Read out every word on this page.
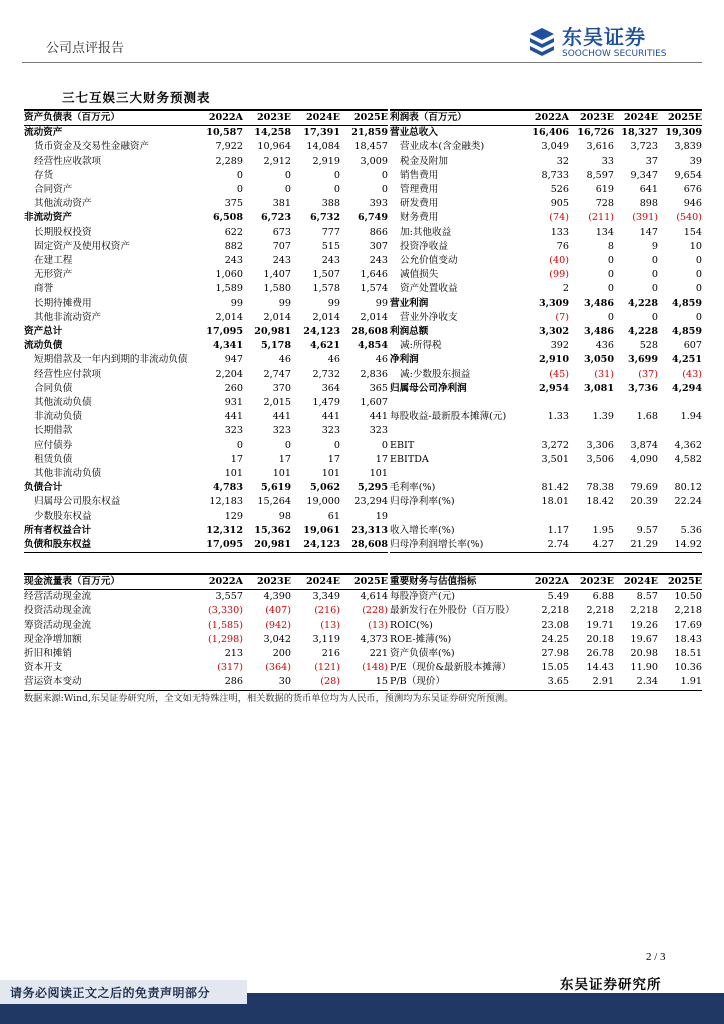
公司点评报告	东吴证券
SOOCHOW SECURITIES
三七互娱三大财务预测表
资产负债表（百万元）	2022A	2023E	2024E	2025E
流动资产	10,587	14,258	17,391	21,859
货币资金及交易性金融资产	7,922	10,964	14,084	18,457
经营性应收款项	2,289	2,912	2,919	3,009
存货	0	0	0	0
合同资产	0	0	0	0
其他流动资产	375	381	388	393
非流动资产	6,508	6,723	6,732	6,749
长期股权投资	622	673	777	866
固定资产及使用权资产	882	707	515	307
在建工程	243	243	243	243
无形资产	1,060	1,407	1,507	1,646
商誉	1,589	1,580	1,578	1,574
长期待摊费用	99	99	99	99
其他非流动资产	2,014	2,014	2,014	2,014
资产总计	17,095	20,981	24,123	28,608
流动负债	4,341	5,178	4,621	4,854
短期借款及一年内到期的非流动负债	947	46	46	46
经营性应付款项	2,204	2,747	2,732	2,836
合同负债	260	370	364	365
其他流动负债	931	2,015	1,479	1,607
非流动负债	441	441	441	441
长期借款	323	323	323	323
应付债券	0	0	0	0
租赁负债	17	17	17	17
其他非流动负债	101	101	101	101
负债合计	4,783	5,619	5,062	5,295
归属母公司股东权益	12,183	15,264	19,000	23,294
少数股东权益	129	98	61	19
所有者权益合计	12,312	15,362	19,061	23,313
负债和股东权益	17,095	20,981	24,123	28,608
利润表（百万元）	2022A	2023E	2024E	2025E
营业总收入	16,406	16,726	18,327	19,309
营业成本(含金融类)	3,049	3,616	3,723	3,839
税金及附加	32	33	37	39
销售费用	8,733	8,597	9,347	9,654
管理费用	526	619	641	676
研发费用	905	728	898	946
财务费用	(74)	(211)	(391)	(540)
加:其他收益	133	134	147	154
投资净收益	76	8	9	10
公允价值变动	(40)	0	0	0
减值损失	(99)	0	0	0
资产处置收益	2	0	0	0
营业利润	3,309	3,486	4,228	4,859
营业外净收支	(7)	0	0	0
利润总额	3,302	3,486	4,228	4,859
减:所得税	392	436	528	607
净利润	2,910	3,050	3,699	4,251
减:少数股东损益	(45)	(31)	(37)	(43)
归属母公司净利润	2,954	3,081	3,736	4,294

每股收益-最新股本摊薄(元)	1.33	1.39	1.68	1.94

EBIT	3,272	3,306	3,874	4,362
EBITDA	3,501	3,506	4,090	4,582

毛利率(%)	81.42	78.38	79.69	80.12
归母净利率(%)	18.01	18.42	20.39	22.24

收入增长率(%)	1.17	1.95	9.57	5.36
归母净利润增长率(%)	2.74	4.27	21.29	14.92
现金流量表（百万元）	2022A	2023E	2024E	2025E
经营活动现金流	3,557	4,390	3,349	4,614
投资活动现金流	(3,330)	(407)	(216)	(228)
筹资活动现金流	(1,585)	(942)	(13)	(13)
现金净增加额	(1,298)	3,042	3,119	4,373
折旧和摊销	213	200	216	221
资本开支	(317)	(364)	(121)	(148)
营运资本变动	286	30	(28)	15
重要财务与估值指标	2022A	2023E	2024E	2025E
每股净资产(元)	5.49	6.88	8.57	10.50
最新发行在外股份（百万股）	2,218	2,218	2,218	2,218
ROIC(%)	23.08	19.71	19.26	17.69
ROE-摊薄(%)	24.25	20.18	19.67	18.43
资产负债率(%)	27.98	26.78	20.98	18.51
P/E（现价&最新股本摊薄）	15.05	14.43	11.90	10.36
P/B（现价）	3.65	2.91	2.34	1.91
数据来源:Wind,东吴证券研究所，全文如无特殊注明，相关数据的货币单位均为人民币，预测均为东吴证券研究所预测。
2 / 3
东吴证券研究所
请务必阅读正文之后的免责声明部分
